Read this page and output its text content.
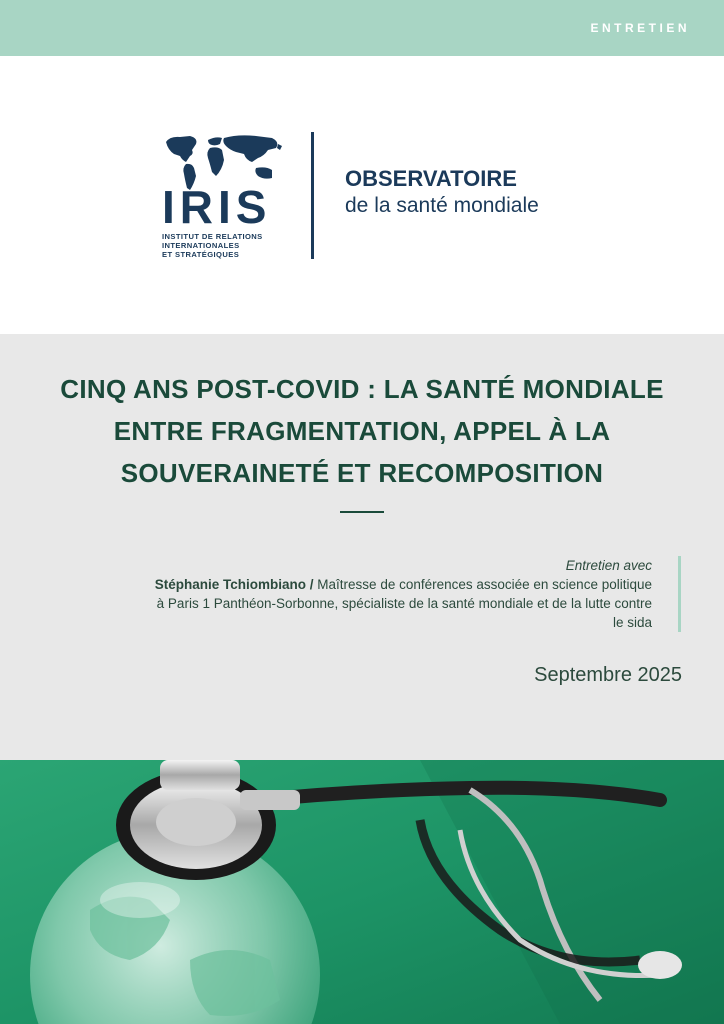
ENTRETIEN
IRIS
INSTITUT DE RELATIONS
INTERNATIONALES
ET STRATÉGIQUES
OBSERVATOIRE
de la santé mondiale
CINQ ANS POST-COVID : LA SANTÉ MONDIALE
ENTRE FRAGMENTATION, APPEL À LA
SOUVERAINETÉ ET RECOMPOSITION
Entretien avec
Stéphanie Tchiombiano / Maîtresse de conférences associée en science politique à Paris 1 Panthéon-Sorbonne, spécialiste de la santé mondiale et de la lutte contre le sida
Septembre 2025
